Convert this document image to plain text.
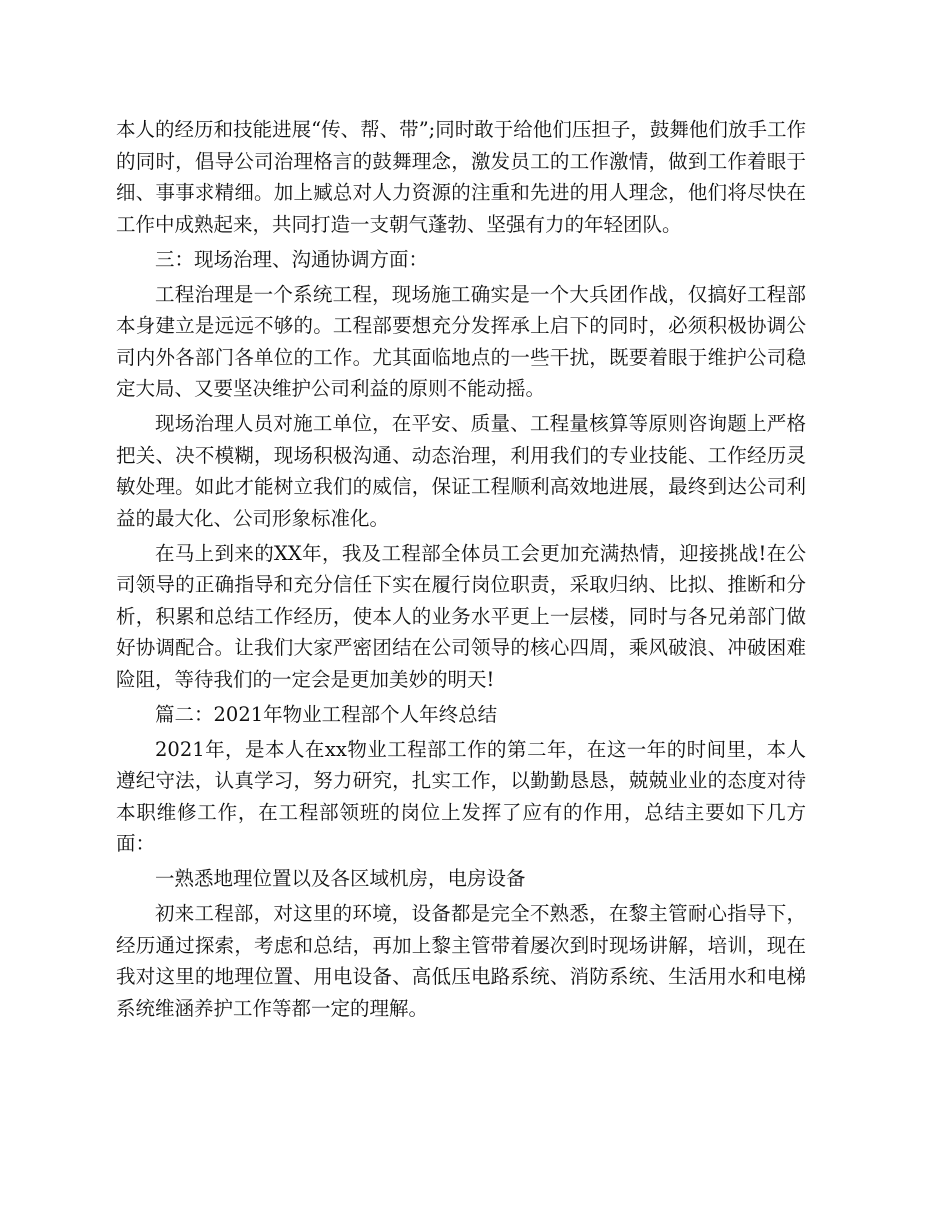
本人的经历和技能进展“传、帮、带”;同时敢于给他们压担子，鼓舞他们放手工作的同时，倡导公司治理格言的鼓舞理念，激发员工的工作激情，做到工作着眼于细、事事求精细。加上臧总对人力资源的注重和先进的用人理念，他们将尽快在工作中成熟起来，共同打造一支朝气蓬勃、坚强有力的年轻团队。

三：现场治理、沟通协调方面：

工程治理是一个系统工程，现场施工确实是一个大兵团作战，仅搞好工程部本身建立是远远不够的。工程部要想充分发挥承上启下的同时，必须积极协调公司内外各部门各单位的工作。尤其面临地点的一些干扰，既要着眼于维护公司稳定大局、又要坚决维护公司利益的原则不能动摇。

现场治理人员对施工单位，在平安、质量、工程量核算等原则咨询题上严格把关、决不模糊，现场积极沟通、动态治理，利用我们的专业技能、工作经历灵敏处理。如此才能树立我们的威信，保证工程顺利高效地进展，最终到达公司利益的最大化、公司形象标准化。

在马上到来的XX年，我及工程部全体员工会更加充满热情，迎接挑战!在公司领导的正确指导和充分信任下实在履行岗位职责，采取归纳、比拟、推断和分析，积累和总结工作经历，使本人的业务水平更上一层楼，同时与各兄弟部门做好协调配合。让我们大家严密团结在公司领导的核心四周，乘风破浪、冲破困难险阻，等待我们的一定会是更加美妙的明天!

篇二：2021年物业工程部个人年终总结

2021年，是本人在xx物业工程部工作的第二年，在这一年的时间里，本人遵纪守法，认真学习，努力研究，扎实工作，以勤勤恳恳，兢兢业业的态度对待本职维修工作，在工程部领班的岗位上发挥了应有的作用，总结主要如下几方面：

一熟悉地理位置以及各区域机房，电房设备

初来工程部，对这里的环境，设备都是完全不熟悉，在黎主管耐心指导下，经历通过探索，考虑和总结，再加上黎主管带着屡次到时现场讲解，培训，现在我对这里的地理位置、用电设备、高低压电路系统、消防系统、生活用水和电梯系统维涵养护工作等都一定的理解。
